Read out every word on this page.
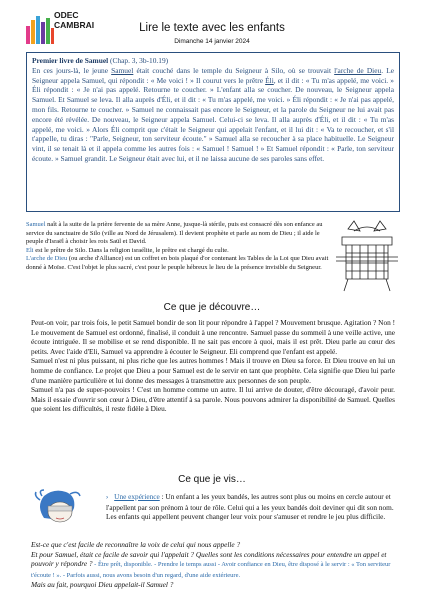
ODEC
CAMBRAI	Lire le texte avec les enfants
Dimanche 14 janvier 2024

Premier livre de Samuel (Chap. 3, 3b-10.19)

En ces jours-là, le jeune Samuel était couché dans le temple du Seigneur à Silo, où se trouvait l'arche de Dieu. Le Seigneur appela Samuel, qui répondit : « Me voici ! » Il courut vers le prêtre Éli, et il dit : « Tu m'as appelé, me voici. » Éli répondit : « Je n'ai pas appelé. Retourne te coucher. » L'enfant alla se coucher. De nouveau, le Seigneur appela Samuel. Et Samuel se leva. Il alla auprès d'Éli, et il dit : « Tu m'as appelé, me voici. » Éli répondit : « Je n'ai pas appelé, mon fils. Retourne te coucher. » Samuel ne connaissait pas encore le Seigneur, et la parole du Seigneur ne lui avait pas encore été révélée. De nouveau, le Seigneur appela Samuel. Celui-ci se leva. Il alla auprès d'Éli, et il dit : « Tu m'as appelé, me voici. » Alors Éli comprit que c'était le Seigneur qui appelait l'enfant, et il lui dit : « Va te recoucher, et s'il t'appelle, tu diras : "Parle, Seigneur, ton serviteur écoute." » Samuel alla se recoucher à sa place habituelle. Le Seigneur vint, il se tenait là et il appela comme les autres fois : « Samuel ! Samuel ! » Et Samuel répondit : « Parle, ton serviteur écoute. » Samuel grandit. Le Seigneur était avec lui, et il ne laissa aucune de ses paroles sans effet.

Samuel naît à la suite de la prière fervente de sa mère Anne, jusque-là stérile, puis est consacré dès son enfance au service du sanctuaire de Silo (ville au Nord de Jérusalem). Il devient prophète et parle au nom de Dieu ; il aide le peuple d'Israël à choisir les rois Saül et David.

Eli est le prêtre de Silo. Dans la religion israélite, le prêtre est chargé du culte.

L'arche de Dieu (ou arche d'Alliance) est un coffret en bois plaqué d'or contenant les Tables de la Loi que Dieu avait donné à Moïse. C'est l'objet le plus sacré, c'est pour le peuple hébreux le lieu de la présence invisible du Seigneur.

Ce que je découvre…

Peut-on voir, par trois fois, le petit Samuel bondir de son lit pour répondre à l'appel ? Mouvement brusque. Agitation ? Non ! Le mouvement de Samuel est ordonné, finalisé, il conduit à une rencontre. Samuel passe du sommeil à une veille active, une écoute intriguée. Il se mobilise et se rend disponible. Il ne sait pas encore à quoi, mais il est prêt. Dieu parle au cœur des petits. Avec l'aide d'Eli, Samuel va apprendre à écouter le Seigneur. Eli comprend que l'enfant est appelé.

Samuel n'est ni plus puissant, ni plus riche que les autres hommes ! Mais il trouve en Dieu sa force. Et Dieu trouve en lui un homme de confiance. Le projet que Dieu a pour Samuel est de le servir en tant que prophète. Cela signifie que Dieu lui parle d'une manière particulière et lui donne des messages à transmettre aux personnes de son peuple.

Samuel n'a pas de super-pouvoirs ! C'est un homme comme un autre. Il lui arrive de douter, d'être découragé, d'avoir peur. Mais il essaie d'ouvrir son cœur à Dieu, d'être attentif à sa parole. Nous pouvons admirer la disponibilité de Samuel. Quelles que soient les difficultés, il reste fidèle à Dieu.

Ce que je vis…

› Une expérience : Un enfant a les yeux bandés, les autres sont plus ou moins en cercle autour et l'appellent par son prénom à tour de rôle. Celui qui a les yeux bandés doit deviner qui dit son nom. Les enfants qui appellent peuvent changer leur voix pour s'amuser et rendre le jeu plus difficile.

Est-ce que c'est facile de reconnaître la voix de celui qui nous appelle ?

Et pour Samuel, était ce facile de savoir qui l'appelait ? Quelles sont les conditions nécessaires pour entendre un appel et pouvoir y répondre ? - Être prêt, disponible. - Prendre le temps aussi - Avoir confiance en Dieu, être disposé à le servir : « Ton serviteur t'écoute ! ». - Parfois aussi, nous avons besoin d'un regard, d'une aide extérieure.

Mais au fait, pourquoi Dieu appelait-il Samuel ?
